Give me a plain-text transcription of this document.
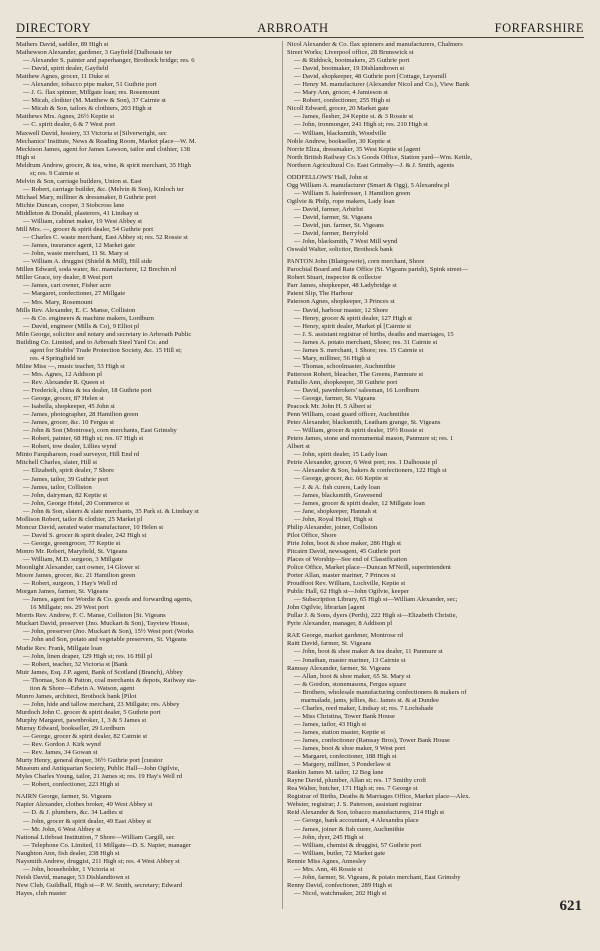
DIRECTORY	ARBROATH	FORFARSHIRE

Mathers David, saddler, 89 High st

Mathewson Alexander, gardener, 3 Gayfield [Dalhousie ter

— Alexander S. painter and paperhanger, Brothock bridge; res. 6

— David, spirit dealer, Gayfield

Matthew Agnes, grocer, 11 Duke st

— Alexander, tobacco pipe maker, 51 Guthrie port

— J. G. flax spinner, Millgate loan; res. Rosemount

— Micah, clothier (M. Matthew & Son), 37 Cairnie st

— Micah & Son, tailors & clothiers, 203 High st

Matthews Mrs. Agnes, 26½ Keptie st

— C. spirit dealer, 6 & 7 West port

Maxwell David, hosiery, 33 Victoria st [Silverwright, sec

Mechanics' Institute, News & Reading Room, Market place—W. M.

Meckison James, agent for James Lawson, tailor and clothier, 138

High st

Meldrum Andrew, grocer, & tea, wine, & spirit merchant, 35 High

st; res. 9 Cairnie st

Melvin & Son, carriage builders, Union st. East

— Robert, carriage builder, &c. (Melvin & Son), Kinloch ter

Michael Mary, milliner & dressmaker, 8 Guthrie port

Michie Duncan, cooper, 3 Stobcross lane

Middleton & Donald, plasterers, 41 Lindsay st

— William, cabinet maker, 19 West Abbey st

Mill Mrs. —, grocer & spirit dealer, 54 Guthrie port

— Charles C. waste merchant, East Abbey st; res. 52 Rossie st

— James, insurance agent, 12 Market gate

— John, waste merchant, 11 St. Mary st

— William A. druggist (Shield & Mill), Hill side

Millen Edward, soda water, &c. manufacturer, 12 Brechin rd

Miller Grace, toy dealer, 8 West port

— James, cart owner, Fisher acre

— Margaret, confectioner, 27 Millgate

— Mrs. Mary, Rosemount

Mills Rev. Alexander, E. C. Manse, Colliston

— & Co. engineers & machine makers, Lordburn

— David, engineer (Mills & Co), 9 Elliot pl

Miln George, solicitor and notary and secretary to Arbroath Public

Building Co. Limited, and to Arbroath Steel Yard Co. and

agent for Stubbs' Trade Protection Society, &c. 15 Hill st;

res. 4 Springfield ter

Milne Miss —, music teacher, 53 High st

— Mrs. Agnes, 12 Addison pl

— Rev. Alexander R. Queen st

— Frederick, china & tea dealer, 18 Guthrie port

— George, grocer, 87 Helen st

— Isabella, shopkeeper, 45 John st

— James, photographer, 28 Hamilton green

— James, grocer, &c. 10 Fergus st

— John & Son (Montrose), corn merchants, East Grimsby

— Robert, painter, 68 High st; res. 67 High st

— Robert, tow dealer, Lillies wynd

Minto Farquharson, road surveyor, Hill End rd

Mitchell Charles, slater, Hill st

— Elizabeth, spirit dealer, 7 Shore

— James, tailor, 39 Guthrie port

— James, tailor, Colliston

— John, dairyman, 82 Keptie st

— John, George Hotel, 20 Commerce st

— John & Son, slaters & slate merchants, 35 Park st. & Lindsay st

Mollison Robert, tailor & clothier, 25 Market pl

Moncur David, aerated water manufacturer, 10 Helen st

— David S. grocer & spirit dealer, 242 High st

— George, greengrocer, 77 Keptie st

Monro Mr. Robert, Maryfield, St. Vigeans

— William, M.D. surgeon, 3 Millgate

Moonlight Alexander, cart owner, 14 Glover st

Moore James, grocer, &c. 21 Hamilton green

— Robert, surgeon, 1 Hay's Well rd

Morgan James, farmer, St. Vigeans

— James, agent for Wordie & Co. goods and forwarding agents,

16 Millgate; res. 29 West port

Morris Rev. Andrew, F. C. Manse, Colliston [St. Vigeans

Muckart David, preserver (Jno. Muckart & Son), Tayview House,

— John, preserver (Jno. Muckart & Son), 15½ West port (Works

— John and Son, potato and vegetable preservers, St. Vigeans

Mudie Rev. Frank, Millgate loan

— John, linen draper, 129 High st; res. 16 Hill pl

— Robert, teacher, 32 Victoria st [Bank

Muir James, Esq. J.P. agent, Bank of Scotland (Branch), Abbey

— Thomas, Son & Patton, coal merchants & depots, Railway sta-

tion & Shore—Edwin A. Watson, agent

Munro James, architect, Brothock bank [Pilot

— John, hide and tallow merchant, 23 Millgate; res. Abbey

Murdoch John C. grocer & spirit dealer, 5 Guthrie port

Murphy Margaret, pawnbroker, 1, 3 & 5 James st

Murray Edward, bookseller, 29 Lordburn

— George, grocer & spirit dealer, 82 Cairnie st

— Rev. Gordon J. Kirk wynd

— Rev. James, 34 Gowan st

Murty Henry, general draper, 36½ Guthrie port [curator

Museum and Antiquarian Society, Public Hall—John Ogilvie,

Myles Charles Young, tailor, 21 James st; res. 19 Hay's Well rd

— Robert, confectioner, 223 High st

NAIRN George, farmer, St. Vigeans

Napier Alexander, clothes broker, 49 West Abbey st

— D. & J. plumbers, &c. 34 Ladies st

— John, grocer & spirit dealer, 49 East Abbey st

— Mr. John, 6 West Abbey st

National Lifeboat Institution, 7 Shore—William Cargill, sec

— Telephone Co. Limited, 11 Millgate—D. S. Napier, manager

Naughton Ann, fish dealer, 238 High st

Naysmith Andrew, druggist, 211 High st; res. 4 West Abbey st

— John, householder, 1 Victoria st

Neish David, manager, 53 Dishlandtown st

New Club, Guildhall, High st—P. W. Smith, secretary; Edward

Hayes, club master

Nicol Alexander & Co. flax spinners and manufacturers, Chalmers

Street Works; Liverpool office, 28 Brunswick st

— & Riddock, bootmakers, 25 Guthrie port

— David, bootmaker, 19 Dishlandtown st

— David, shopkeeper, 48 Guthrie port [Cottage, Leysmill

— Henry M. manufacturer (Alexander Nicol and Co.), View Bank

— Mary Ann, grocer, 4 Jamieson st

— Robert, confectioner, 255 High st

Nicoll Edward, grocer, 20 Market gate

— James, flesher, 24 Keptie st. & 3 Rossie st

— John, ironmonger, 241 High st; res. 210 High st

— William, blacksmith, Woodville

Noble Andrew, bookseller, 30 Keptie st

Norrie Eliza, dressmaker, 35 West Keptie st [agent

North British Railway Co.'s Goods Office, Station yard—Wm. Kettle,

Northern Agricultural Co. East Grimsby—J. & J. Smith, agents

ODDFELLOWS' Hall, John st

Ogg William A. manufacturer (Smart & Ogg), 5 Alexandra pl

— William S. hairdresser, 1 Hamilton green

Ogilvie & Philp, rope makers, Lady loan

— David, farmer, Arbirlot

— David, farmer, St. Vigeans

— David, jun. farmer, St. Vigeans

— David, farmer, Berryfold

— John, blacksmith, 7 West Mill wynd

Oswald Walter, solicitor, Brothock bank

PANTON John (Blairgowrie), corn merchant, Shore

Parochial Board and Rate Office (St. Vigeans parish), Spink street—

Robert Stuart, inspector & collector

Parr James, shopkeeper, 48 Ladybridge st

Patent Slip, The Harbour

Paterson Agnes, shopkeeper, 3 Princes st

— David, harbour master, 12 Shore

— Henry, grocer & spirit dealer, 127 High st

— Henry, spirit dealer, Market pl [Cairnie st

— J. S. assistant registrar of births, deaths and marriages, 15

— James A. potato merchant, Shore; res. 31 Cairnie st

— James S. merchant, 1 Shore; res. 15 Cairnie st

— Mary, milliner, 56 High st

— Thomas, schoolmaster, Auchmithie

Patterson Robert, bleacher, The Greens, Panmure st

Pattullo Ann, shopkeeper, 30 Guthrie port

— David, pawnbrokers' salesman, 16 Lordburn

— George, farmer, St. Vigeans

Peacock Mr. John H. 5 Albert st

Penn William, coast guard officer, Auchmithie

Peter Alexander, blacksmith, Leatham grange, St. Vigeans

— William, grocer & spirit dealer, 19½ Rossie st

Peters James, stone and monumental mason, Panmure st; res. 1

Albert st

— John, spirit dealer, 15 Lady loan

Petrie Alexander, grocer, 6 West port; res. 1 Dalhousie pl

— Alexander & Son, bakers & confectioners, 122 High st

— George, grocer, &c. 66 Keptie st

— J. & A. fish curers, Lady loan

— James, blacksmith, Gravesend

— James, grocer & spirit dealer, 12 Millgate loan

— Jane, shopkeeper, Hannah st

— John, Royal Hotel, High st

Philip Alexander, joiner, Colliston

Pilot Office, Shore

Pirie John, boot & shoe maker, 286 High st

Pitcairn David, newsagent, 45 Guthrie port

Places of Worship—See end of Classification

Police Office, Market place—Duncan M'Neill, superintendent

Porter Allan, master mariner, 7 Princes st

Proudfoot Rev. William, Lochville, Keptie st

Public Hall, 62 High st—John Ogilvie, keeper

— Subscription Library, 65 High st—William Alexander, sec;

John Ogilvie, librarian [agent

Pullar J. & Sons, dyers (Perth), 222 High st—Elizabeth Christie,

Pyrie Alexander, manager, 8 Addison pl

RAE George, market gardener, Montrose rd

Raitt David, farmer, St. Vigeans

— John, boot & shoe maker & tea dealer, 11 Panmure st

— Jonathan, master mariner, 13 Cairnie st

Ramsay Alexander, farmer, St. Vigeans

— Allan, boot & shoe maker, 65 St. Mary st

— & Gordon, stonemasons, Fergus square

— Brothers, wholesale manufacturing confectioners & makers of

marmalade, jams, jellies, &c. James st. & at Dundee

— Charles, reed maker, Lindsay st; res. 7 Lochshade

— Miss Christina, Tower Bank House

— James, tailor, 43 High st

— James, station master, Keptie st

— James, confectioner (Ramsay Bros), Tower Bank House

— James, boot & shoe maker, 9 West port

— Margaret, confectioner, 188 High st

— Margery, milliner, 3 Ponderlaw st

Rankin James M. tailor, 12 Bog lane

Rayne David, plumber, Allan st; res. 17 Smithy croft

Rea Walter, butcher, 171 High st; res. 7 George st

Registrar of Births, Deaths & Marriages Office, Market place—Alex.

Webster, registrar; J. S. Paterson, assistant registrar

Reid Alexander & Son, tobacco manufacturers, 214 High st

— George, bank accountant, 4 Alexandra place

— James, joiner & fish curer, Auchmithie

— John, dyer, 245 High st

— William, chemist & druggist, 57 Guthrie port

— William, butler, 72 Market gate

Rennie Miss Agnes, Annesley

— Mrs. Ann, 46 Rossie st

— John, farmer, St. Vigeans, & potato merchant, East Grimsby

Renny David, confectioner, 289 High st

— Nicol, watchmaker, 202 High st

621
